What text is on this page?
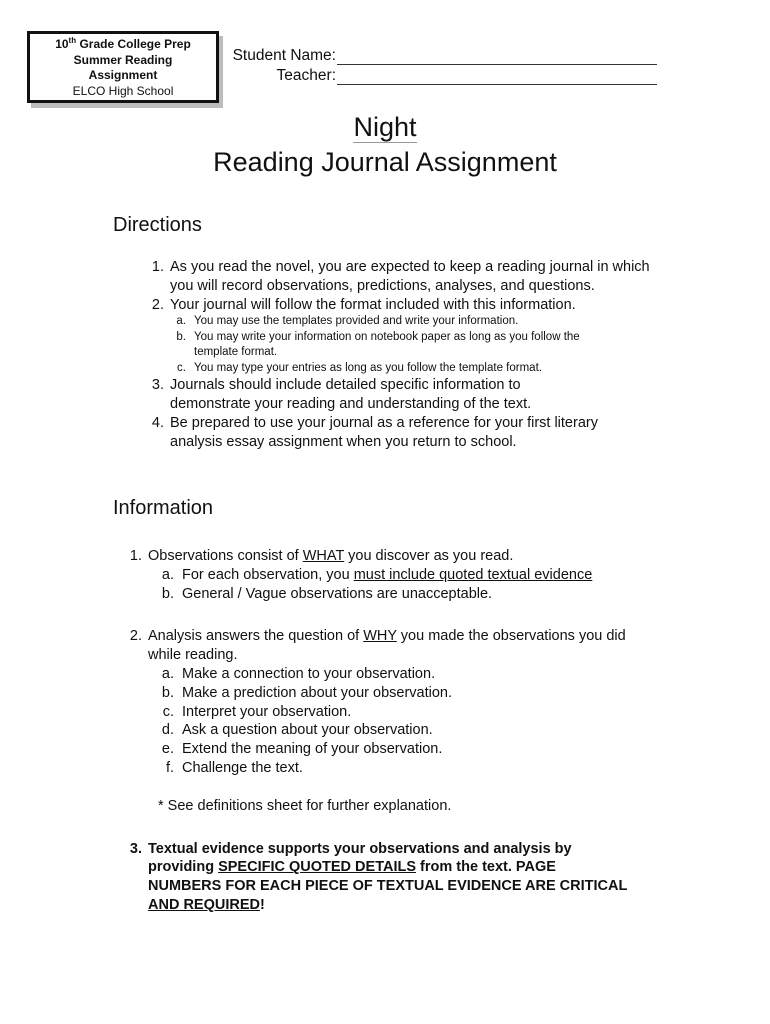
10th Grade College Prep
Summer Reading
Assignment
ELCO High School
Student Name:
Teacher:
Night
Reading Journal Assignment
Directions
1. As you read the novel, you are expected to keep a reading journal in which you will record observations, predictions, analyses, and questions.
2. Your journal will follow the format included with this information.
a. You may use the templates provided and write your information.
b. You may write your information on notebook paper as long as you follow the template format.
c. You may type your entries as long as you follow the template format.
3. Journals should include detailed specific information to demonstrate your reading and understanding of the text.
4. Be prepared to use your journal as a reference for your first literary analysis essay assignment when you return to school.
Information
1. Observations consist of WHAT you discover as you read.
a. For each observation, you must include quoted textual evidence
b. General / Vague observations are unacceptable.
2. Analysis answers the question of WHY you made the observations you did while reading.
a. Make a connection to your observation.
b. Make a prediction about your observation.
c. Interpret your observation.
d. Ask a question about your observation.
e. Extend the meaning of your observation.
f. Challenge the text.
* See definitions sheet for further explanation.
3. Textual evidence supports your observations and analysis by providing SPECIFIC QUOTED DETAILS from the text. PAGE NUMBERS FOR EACH PIECE OF TEXTUAL EVIDENCE ARE CRITICAL AND REQUIRED!
